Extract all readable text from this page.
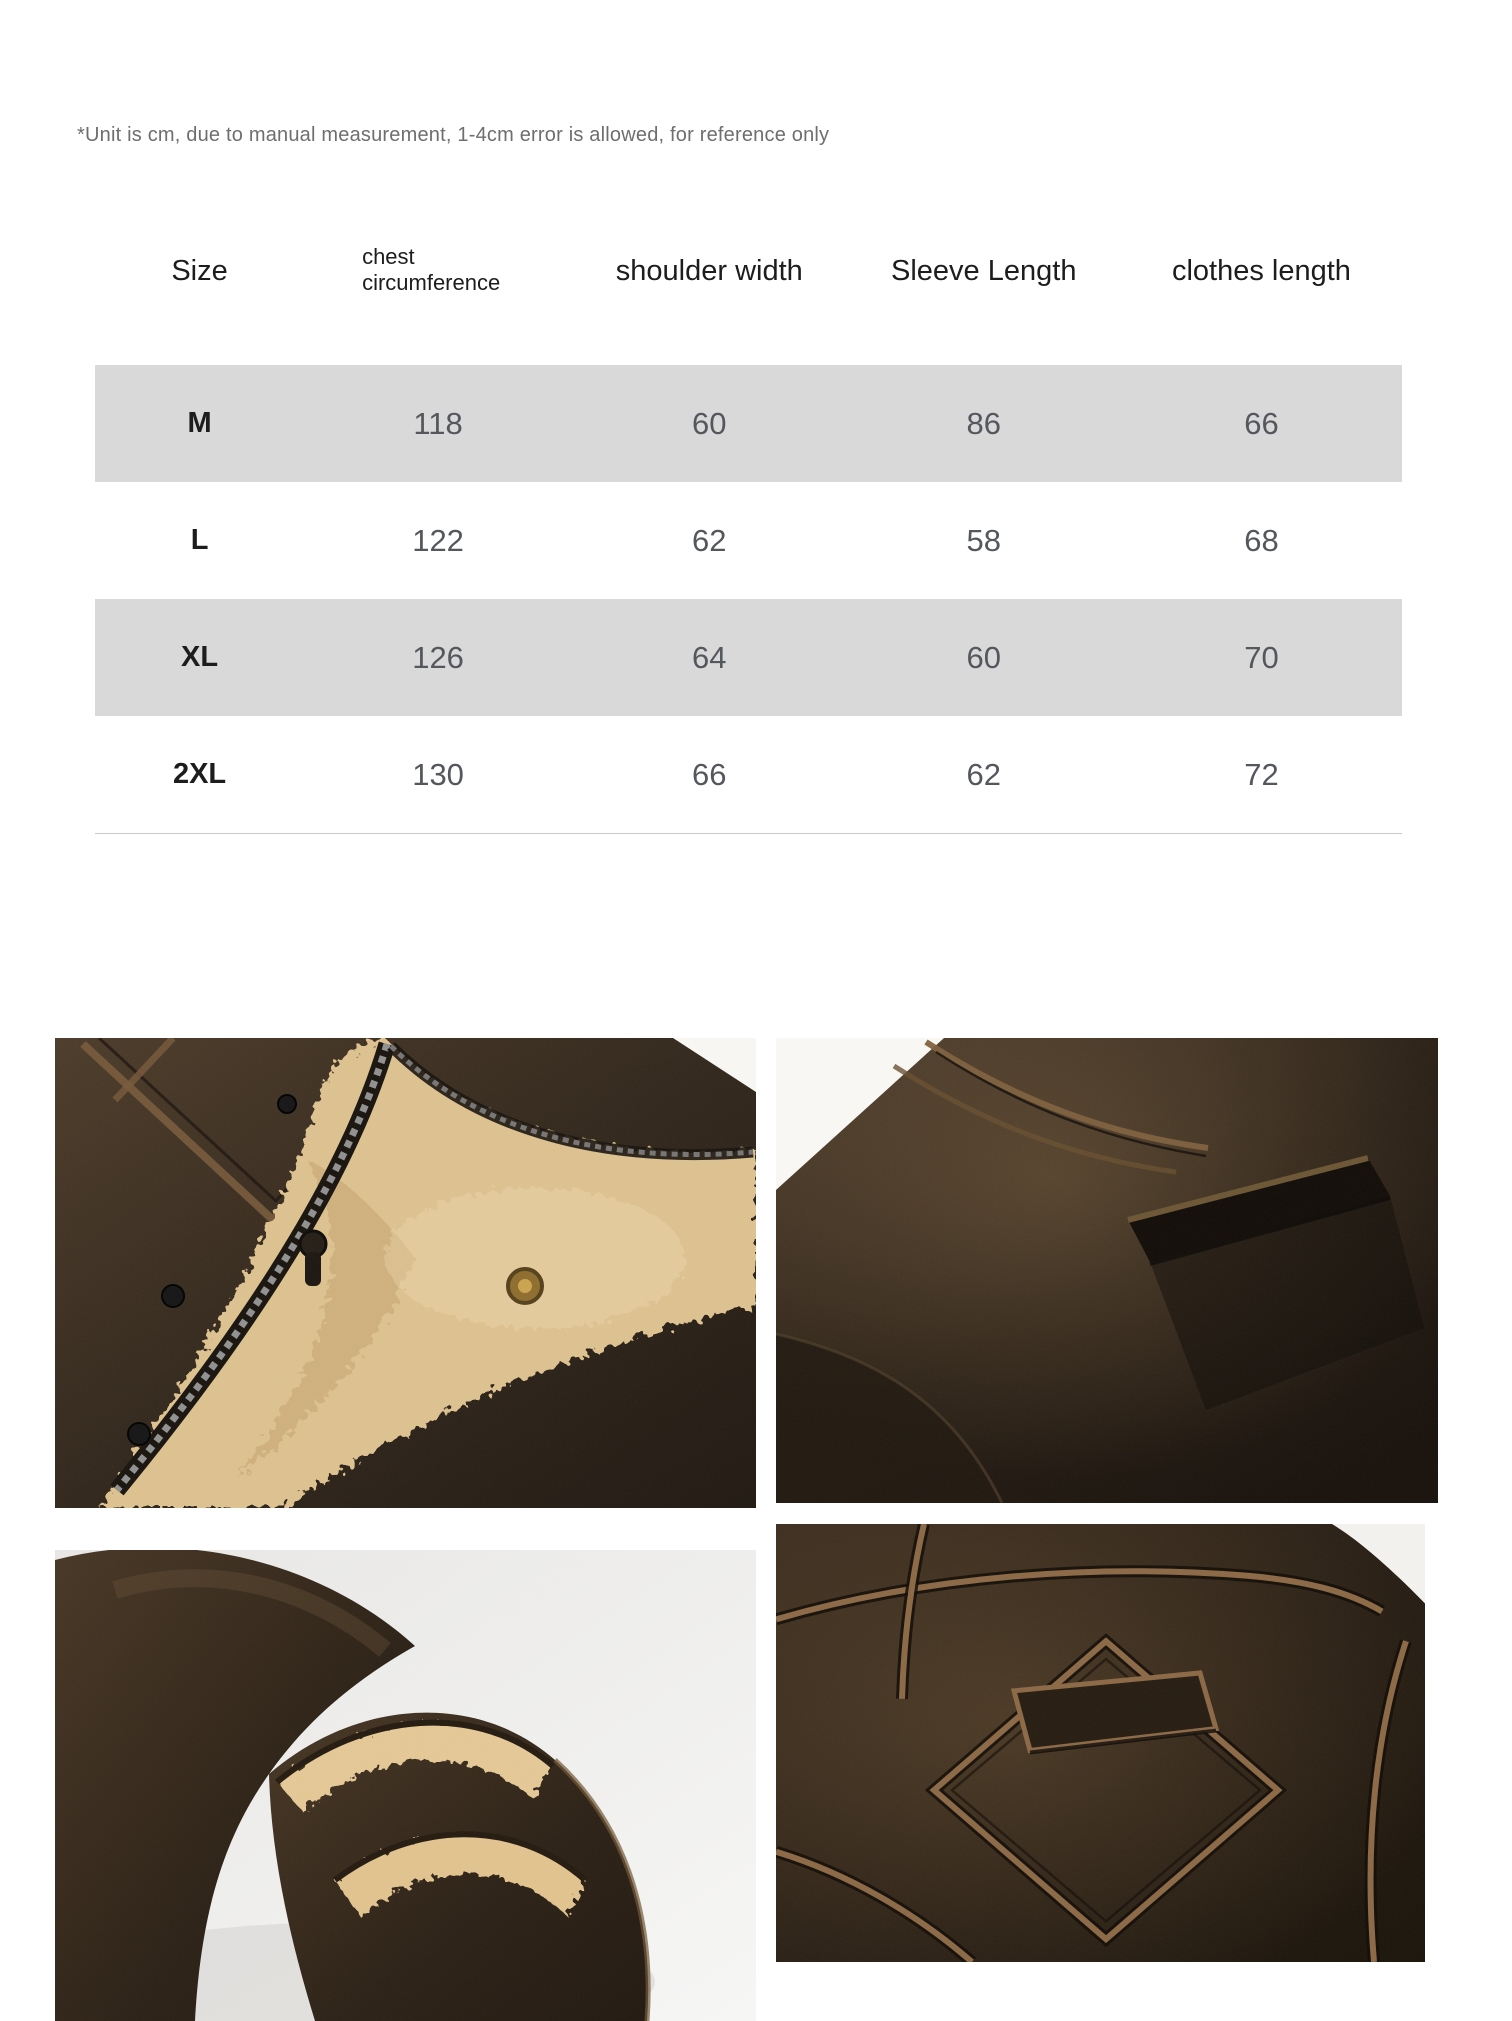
*Unit is cm, due to manual measurement, 1-4cm error is allowed, for reference only
Size	chest circumference	shoulder width	Sleeve Length	clothes length
M	118	60	86	66
L	122	62	58	68
XL	126	64	60	70
2XL	130	66	62	72
